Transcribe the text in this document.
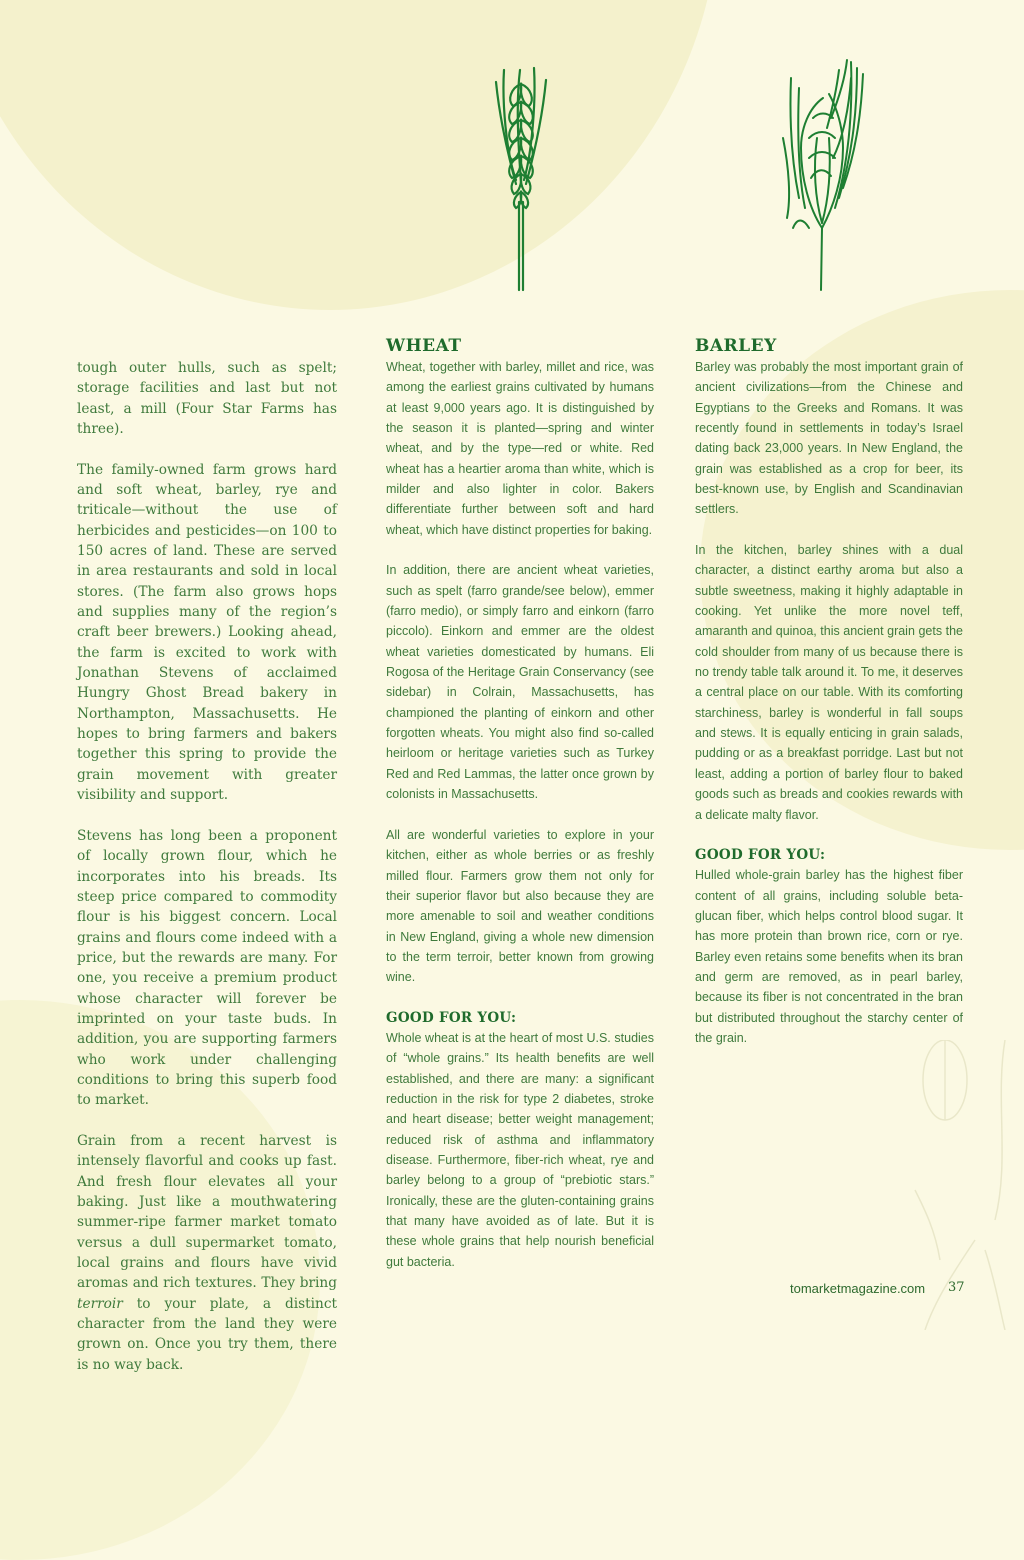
tough outer hulls, such as spelt; storage facilities and last but not least, a mill (Four Star Farms has three).

The family-owned farm grows hard and soft wheat, barley, rye and triticale—without the use of herbicides and pesticides—on 100 to 150 acres of land. These are served in area restaurants and sold in local stores. (The farm also grows hops and supplies many of the region’s craft beer brewers.) Looking ahead, the farm is excited to work with Jonathan Stevens of acclaimed Hungry Ghost Bread bakery in Northampton, Massachusetts. He hopes to bring farmers and bakers together this spring to provide the grain movement with greater visibility and support.

Stevens has long been a proponent of locally grown flour, which he incorporates into his breads. Its steep price compared to commodity flour is his biggest concern. Local grains and flours come indeed with a price, but the rewards are many. For one, you receive a premium product whose character will forever be imprinted on your taste buds. In addition, you are supporting farmers who work under challenging conditions to bring this superb food to market.

Grain from a recent harvest is intensely flavorful and cooks up fast. And fresh flour elevates all your baking. Just like a mouthwatering summer-ripe farmer market tomato versus a dull supermarket tomato, local grains and flours have vivid aromas and rich textures. They bring terroir to your plate, a distinct character from the land they were grown on. Once you try them, there is no way back.

WHEAT

Wheat, together with barley, millet and rice, was among the earliest grains cultivated by humans at least 9,000 years ago. It is distinguished by the season it is planted—spring and winter wheat, and by the type—red or white. Red wheat has a heartier aroma than white, which is milder and also lighter in color. Bakers differentiate further between soft and hard wheat, which have distinct properties for baking.

In addition, there are ancient wheat varieties, such as spelt (farro grande/see below), emmer (farro medio), or simply farro and einkorn (farro piccolo). Einkorn and emmer are the oldest wheat varieties domesticated by humans. Eli Rogosa of the Heritage Grain Conservancy (see sidebar) in Colrain, Massachusetts, has championed the planting of einkorn and other forgotten wheats. You might also find so-called heirloom or heritage varieties such as Turkey Red and Red Lammas, the latter once grown by colonists in Massachusetts.

All are wonderful varieties to explore in your kitchen, either as whole berries or as freshly milled flour. Farmers grow them not only for their superior flavor but also because they are more amenable to soil and weather conditions in New England, giving a whole new dimension to the term terroir, better known from growing wine.

GOOD FOR YOU:

Whole wheat is at the heart of most U.S. studies of “whole grains.” Its health benefits are well established, and there are many: a significant reduction in the risk for type 2 diabetes, stroke and heart disease; better weight management; reduced risk of asthma and inflammatory disease. Furthermore, fiber-rich wheat, rye and barley belong to a group of “prebiotic stars.” Ironically, these are the gluten-containing grains that many have avoided as of late. But it is these whole grains that help nourish beneficial gut bacteria.

BARLEY

Barley was probably the most important grain of ancient civilizations—from the Chinese and Egyptians to the Greeks and Romans. It was recently found in settlements in today’s Israel dating back 23,000 years. In New England, the grain was established as a crop for beer, its best-known use, by English and Scandinavian settlers.

In the kitchen, barley shines with a dual character, a distinct earthy aroma but also a subtle sweetness, making it highly adaptable in cooking. Yet unlike the more novel teff, amaranth and quinoa, this ancient grain gets the cold shoulder from many of us because there is no trendy table talk around it. To me, it deserves a central place on our table. With its comforting starchiness, barley is wonderful in fall soups and stews. It is equally enticing in grain salads, pudding or as a breakfast porridge. Last but not least, adding a portion of barley flour to baked goods such as breads and cookies rewards with a delicate malty flavor.

GOOD FOR YOU:

Hulled whole-grain barley has the highest fiber content of all grains, including soluble beta-glucan fiber, which helps control blood sugar. It has more protein than brown rice, corn or rye. Barley even retains some benefits when its bran and germ are removed, as in pearl barley, because its fiber is not concentrated in the bran but distributed throughout the starchy center of the grain.

tomarketmagazine.com 37
